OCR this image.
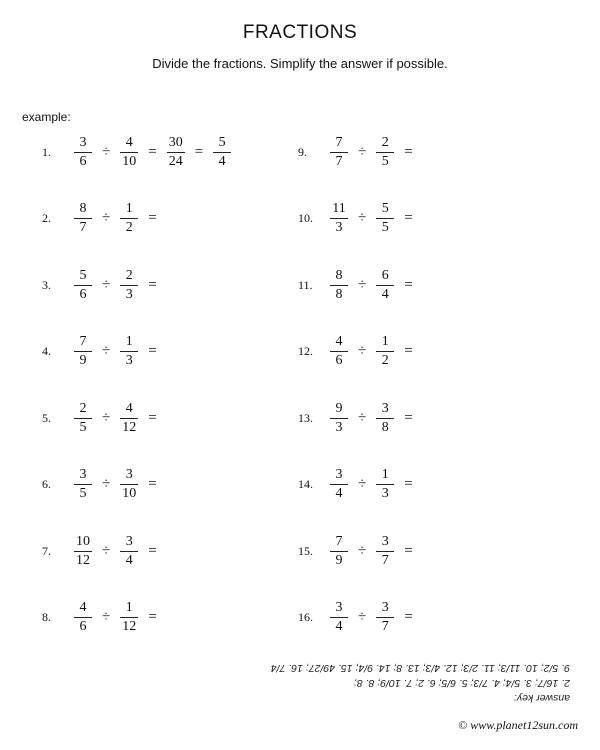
FRACTIONS
Divide the fractions. Simplify the answer if possible.
example:
1.	$\frac{3}{6} \div \frac{4}{10} = \frac{30}{24} = \frac{5}{4}$
2.	$\frac{8}{7} \div \frac{1}{2}$ =
3.	$\frac{5}{6} \div \frac{2}{3}$ =
4.	$\frac{7}{9} \div \frac{1}{3}$ =
5.	$\frac{2}{5} \div \frac{4}{12}$ =
6.	$\frac{3}{5} \div \frac{3}{10}$ =
7.	$\frac{10}{12} \div \frac{3}{4}$ =
8.	$\frac{4}{6} \div \frac{1}{12}$ =
9.	$\frac{7}{7} \div \frac{2}{5}$ =
10.	$\frac{11}{3} \div \frac{5}{5}$ =
11.	$\frac{8}{8} \div \frac{6}{4}$ =
12.	$\frac{4}{6} \div \frac{1}{2}$ =
13.	$\frac{9}{3} \div \frac{3}{8}$ =
14.	$\frac{3}{4} \div \frac{1}{3}$ =
15.	$\frac{7}{9} \div \frac{3}{7}$ =
16.	$\frac{3}{4} \div \frac{3}{7}$ =
answer key:
2. 16/7; 3. 5/4; 4. 7/3; 5. 6/5; 6. 2; 7. 10/9; 8. 8;
9. 5/2; 10. 11/3; 11. 2/3; 12. 4/3; 13. 8; 14. 9/4; 15. 49/27; 16. 7/4
© www.planet12sun.com
